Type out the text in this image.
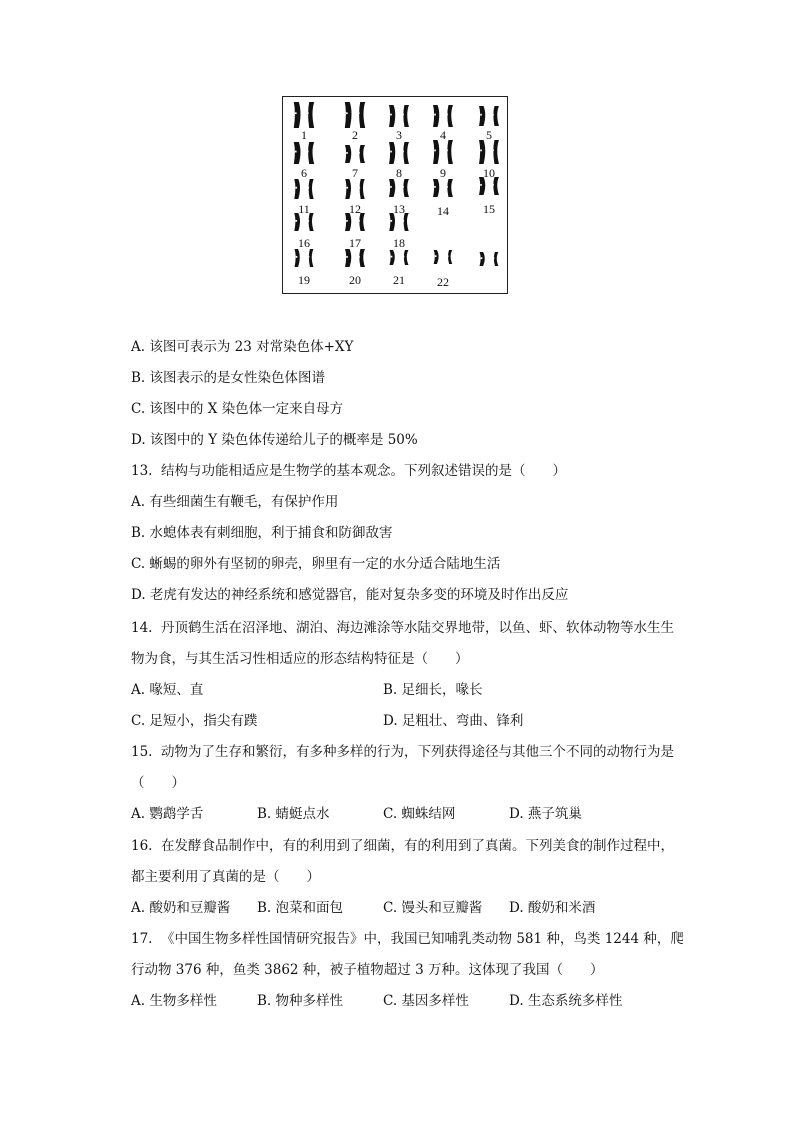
1	2	3	4	5
6	7	8	9	10
11	12	13	14	15
16	17	18
19	20	21	22
A. 该图可表示为 23 对常染色体+XY
B. 该图表示的是女性染色体图谱
C. 该图中的 X 染色体一定来自母方
D. 该图中的 Y 染色体传递给儿子的概率是 50%
13.  结构与功能相适应是生物学的基本观念。下列叙述错误的是（　　）
A. 有些细菌生有鞭毛，有保护作用
B. 水螅体表有刺细胞，利于捕食和防御敌害
C. 蜥蜴的卵外有坚韧的卵壳，卵里有一定的水分适合陆地生活
D. 老虎有发达的神经系统和感觉器官，能对复杂多变的环境及时作出反应
14.  丹顶鹤生活在沼泽地、湖泊、海边滩涂等水陆交界地带，以鱼、虾、软体动物等水生生
物为食，与其生活习性相适应的形态结构特征是（　　）
A. 喙短、直	B. 足细长，喙长
C. 足短小，指尖有蹼	D. 足粗壮、弯曲、锋利
15.  动物为了生存和繁衍，有多种多样的行为，下列获得途径与其他三个不同的动物行为是
（　　）
A. 鹦鹉学舌	B. 蜻蜓点水	C. 蜘蛛结网	D. 燕子筑巢
16.  在发酵食品制作中，有的利用到了细菌，有的利用到了真菌。下列美食的制作过程中，
都主要利用了真菌的是（　　）
A. 酸奶和豆瓣酱 B. 泡菜和面包	C. 馒头和豆瓣酱 D. 酸奶和米酒
17.  《中国生物多样性国情研究报告》中，我国已知哺乳类动物 581 种，鸟类 1244 种，爬
行动物 376 种，鱼类 3862 种，被子植物超过 3 万种。这体现了我国（　　）
A. 生物多样性	B. 物种多样性	C. 基因多样性	D. 生态系统多样性
